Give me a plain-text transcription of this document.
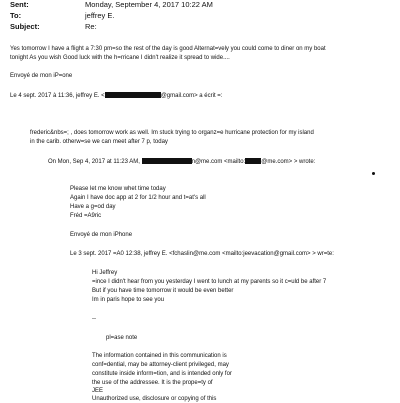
Sent:	Monday, September 4, 2017 10:22 AM
To:	jeffrey E.
Subject:	Re:
Yes tomorrow I have a flight a 7:30 pm=so the rest of the day is good Alternat=vely you could come to diner on my boat
tonight As you wish Good luck with the h=rricane I didn't realize it spread to wide....
Envoyé de mon iP=one
Le 4 sept. 2017 à 11:36, jeffrey E. <	@gmail.com> a écrit =:
frederic&nbs=; , does tomorrow work as well. Im stuck trying to organz=e hurricane protection for my island
in the carib. otherw=se we can meet after 7 p, today
On Mon, Sep 4, 2017 at 11:23 AM,	n@me.com <mailto:	@me.com> > wrote:
Please let me know whet time today
Again I have doc app at 2 for 1/2 hour and t=at's all
Have a g=od day
Fréd =A9ric
Envoyé de mon iPhone
Le 3 sept. 2017 =A0 12:38, jeffrey E. <fchaslin@me.com <mailto:jeevacation@gmail.com> > wr=te:
Hi Jeffrey
=ince I didn't hear from you yesterday I went to lunch at my parents so it c=uld be after 7
But if you have time tomorrow it would be even better
Im in paris hope to see you
--
pl=ase note
The information contained in this communication is
conf=dential, may be attorney-client privileged, may
constitute inside inform=tion, and is intended only for
the use of the addressee. It is the prope=ty of
JEE
Unauthorized use, disclosure or copying of this
